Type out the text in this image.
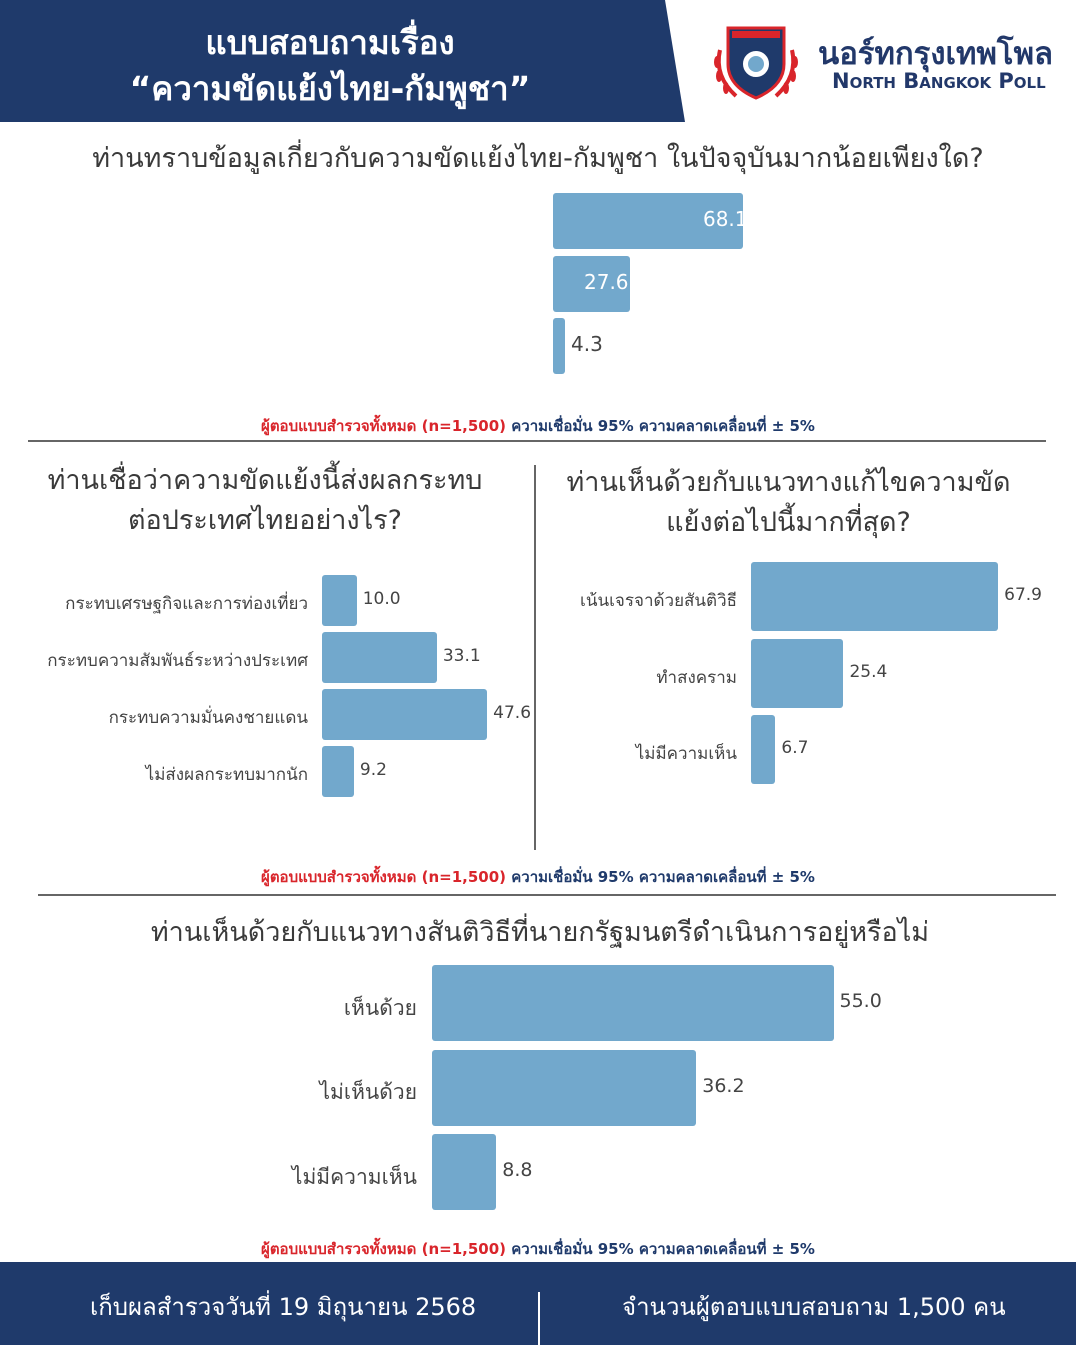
แบบสอบถามเรื่อง
“ความขัดแย้งไทย-กัมพูชา”
นอร์ทกรุงเทพโพล
North Bangkok Poll
ท่านทราบข้อมูลเกี่ยวกับความขัดแย้งไทย-กัมพูชา ในปัจจุบันมากน้อยเพียงใด?
68.1
27.6
4.3
ผู้ตอบแบบสำรวจทั้งหมด (n=1,500) ความเชื่อมั่น 95% ความคลาดเคลื่อนที่ ± 5%
ท่านเชื่อว่าความขัดแย้งนี้ส่งผลกระทบ
ต่อประเทศไทยอย่างไร?
กระทบเศรษฐกิจและการท่องเที่ยว
กระทบความสัมพันธ์ระหว่างประเทศ
กระทบความมั่นคงชายแดน
ไม่ส่งผลกระทบมากนัก
10.0
33.1
47.6
9.2
ท่านเห็นด้วยกับแนวทางแก้ไขความขัด
แย้งต่อไปนี้มากที่สุด?
เน้นเจรจาด้วยสันติวิธี
ทำสงคราม
ไม่มีความเห็น
67.9
25.4
6.7
ผู้ตอบแบบสำรวจทั้งหมด (n=1,500) ความเชื่อมั่น 95% ความคลาดเคลื่อนที่ ± 5%
ท่านเห็นด้วยกับแนวทางสันติวิธีที่นายกรัฐมนตรีดำเนินการอยู่หรือไม่
เห็นด้วย
ไม่เห็นด้วย
ไม่มีความเห็น
55.0
36.2
8.8
ผู้ตอบแบบสำรวจทั้งหมด (n=1,500) ความเชื่อมั่น 95% ความคลาดเคลื่อนที่ ± 5%
เก็บผลสำรวจวันที่ 19 มิถุนายน 2568	จำนวนผู้ตอบแบบสอบถาม 1,500 คน
